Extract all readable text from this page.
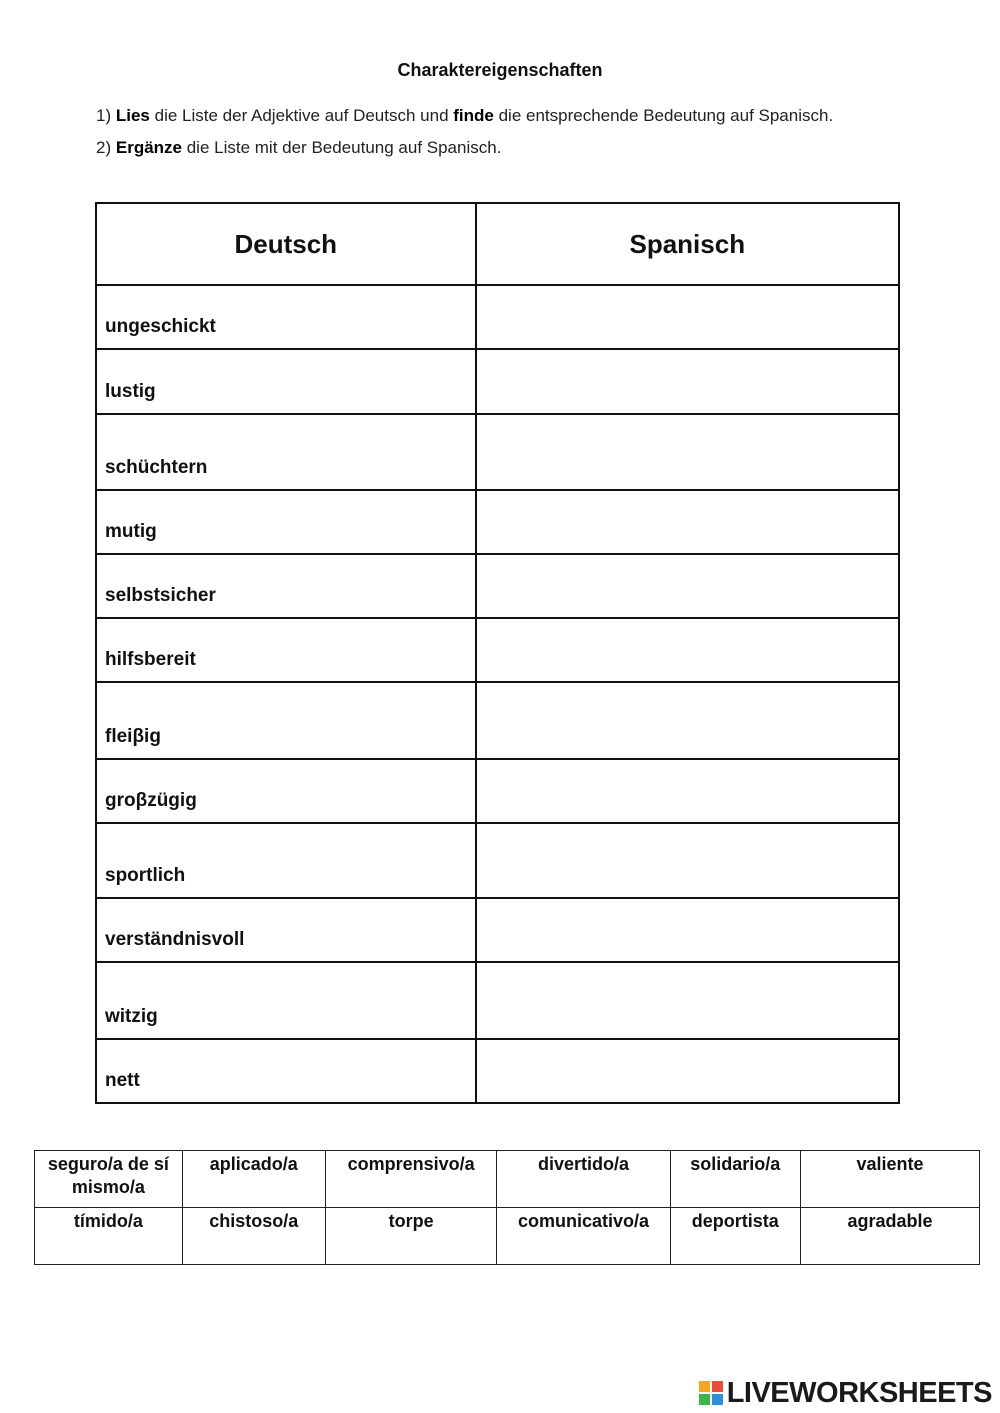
Charaktereigenschaften
1) Lies die Liste der Adjektive auf Deutsch und finde die entsprechende Bedeutung auf Spanisch.
2) Ergänze die Liste mit der Bedeutung auf Spanisch.
Deutsch	Spanisch
ungeschickt	
lustig	
schüchtern	
mutig	
selbstsicher	
hilfsbereit	
fleiβig	
groβzügig	
sportlich	
verständnisvoll	
witzig	
nett	
seguro/a de sí mismo/a	aplicado/a	comprensivo/a	divertido/a	solidario/a	valiente
tímido/a	chistoso/a	torpe	comunicativo/a	deportista	agradable
LIVEWORKSHEETS
